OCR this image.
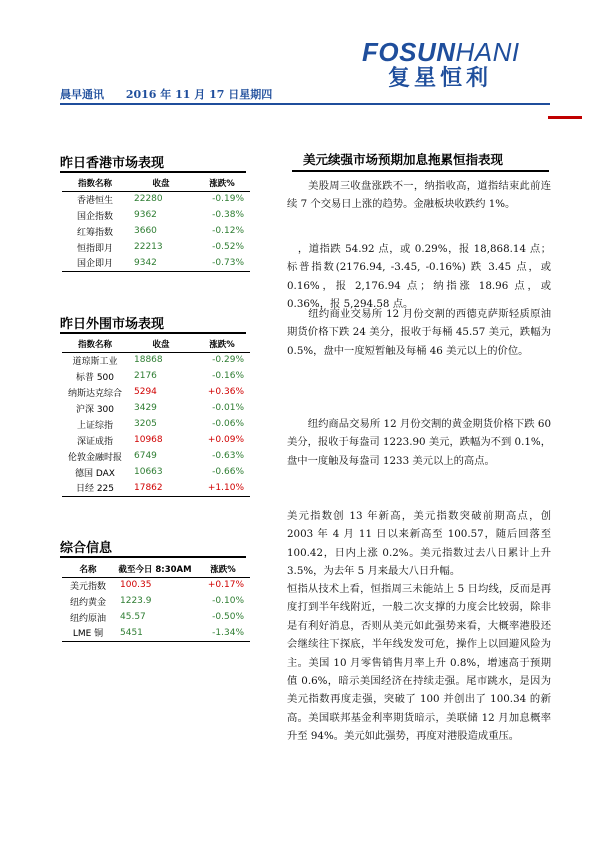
FOSUNHANI
复星恒利
晨早通讯 2016 年 11 月 17 日星期四
昨日香港市场表现
指数名称	收盘	涨跌%
香港恒生	22280	-0.19%
国企指数	9362	-0.38%
红筹指数	3660	-0.12%
恒指即月	22213	-0.52%
国企即月	9342	-0.73%
昨日外围市场表现
指数名称	收盘	涨跌%
道琼斯工业	18868	-0.29%
标普 500	2176	-0.16%
纳斯达克综合	5294	+0.36%
沪深 300	3429	-0.01%
上证综指	3205	-0.06%
深证成指	10968	+0.09%
伦敦金融时报	6749	-0.63%
德国 DAX	10663	-0.66%
日经 225	17862	+1.10%
综合信息
名称	截至今日 8:30AM	涨跌%
美元指数	100.35	+0.17%
纽约黄金	1223.9	-0.10%
纽约原油	45.57	-0.50%
LME 铜	5451	-1.34%
美元续强市场预期加息拖累恒指表现
　　美股周三收盘涨跌不一，纳指收高，道指结束此前连续 7 个交易日上涨的趋势。金融板块收跌约 1%。
　，道指跌 54.92 点，或 0.29%，报 18,868.14 点；标普指数(2176.94, -3.45, -0.16%) 跌 3.45 点，或 0.16%，报 2,176.94 点；纳指涨 18.96 点，或 0.36%，报 5,294.58 点。
　　纽约商业交易所 12 月份交割的西德克萨斯轻质原油期货价格下跌 24 美分，报收于每桶 45.57 美元，跌幅为 0.5%，盘中一度短暂触及每桶 46 美元以上的价位。
　　纽约商品交易所 12 月份交割的黄金期货价格下跌 60 美分，报收于每盎司 1223.90 美元，跌幅为不到 0.1%，盘中一度触及每盎司 1233 美元以上的高点。
美元指数创 13 年新高，美元指数突破前期高点，创 2003 年 4 月 11 日以来新高至 100.57，随后回落至 100.42，日内上涨 0.2%。美元指数过去八日累计上升 3.5%，为去年 5 月来最大八日升幅。
恒指从技术上看，恒指周三未能站上 5 日均线，反而是再度打到半年线附近，一般二次支撑的力度会比较弱，除非是有利好消息，否则从美元如此强势来看，大概率港股还会继续往下探底，半年线发发可危，操作上以回避风险为主。美国 10 月零售销售月率上升 0.8%，增速高于预期值 0.6%，暗示美国经济在持续走强。尾市跳水，是因为美元指数再度走强，突破了 100 并创出了 100.34 的新高。美国联邦基金利率期货暗示，美联储 12 月加息概率升至 94%。美元如此强势，再度对港股造成重压。
